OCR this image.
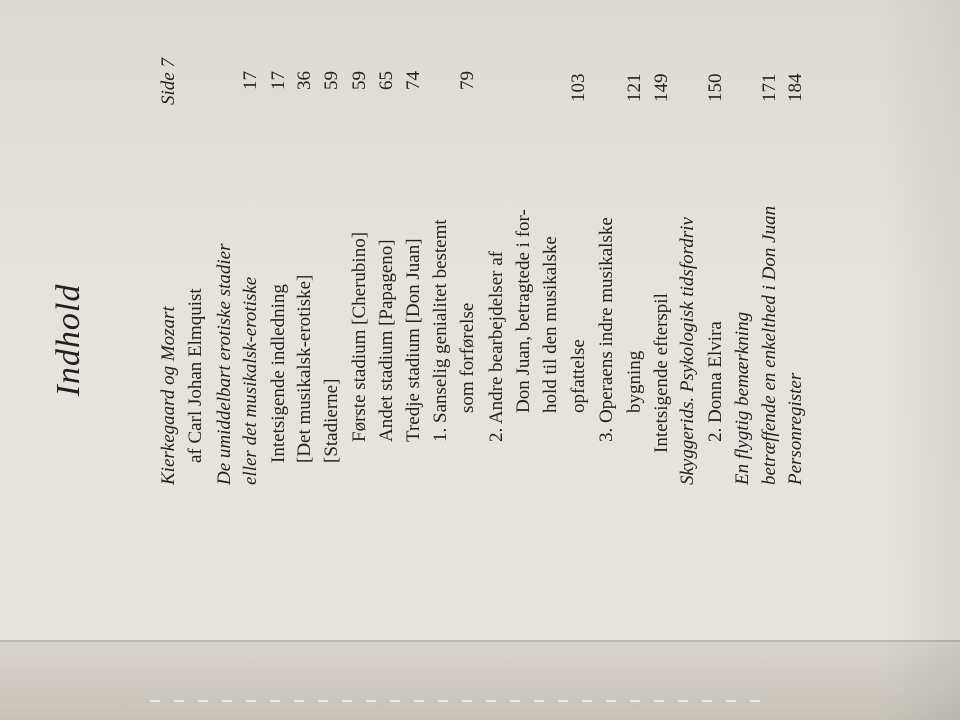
Indhold	Kierkegaard og Mozart
Side 7
af Carl Johan Elmquist De umiddelbart erotiske stadier eller det musikalsk-erotiske
17
Intetsigende indledning
17
[Det musikalsk-erotiske]
36
[Stadierne]
59
Første stadium [Cherubino]
59
Andet stadium [Papageno]
65
Tredje stadium [Don Juan]
74
1. Sanselig genialitet bestemt som forførelse
79
2. Andre bearbejdelser af Don Juan, betragtede i for- hold til den musikalske opfattelse
103
3. Operaens indre musikalske bygning
121
Intetsigende efterspil
149
Skyggerids. Psykologisk tidsfordriv 2. Donna Elvira
150
En flygtig bemærkning betræffende en enkelthed i Don Juan
171
Personregister
184
